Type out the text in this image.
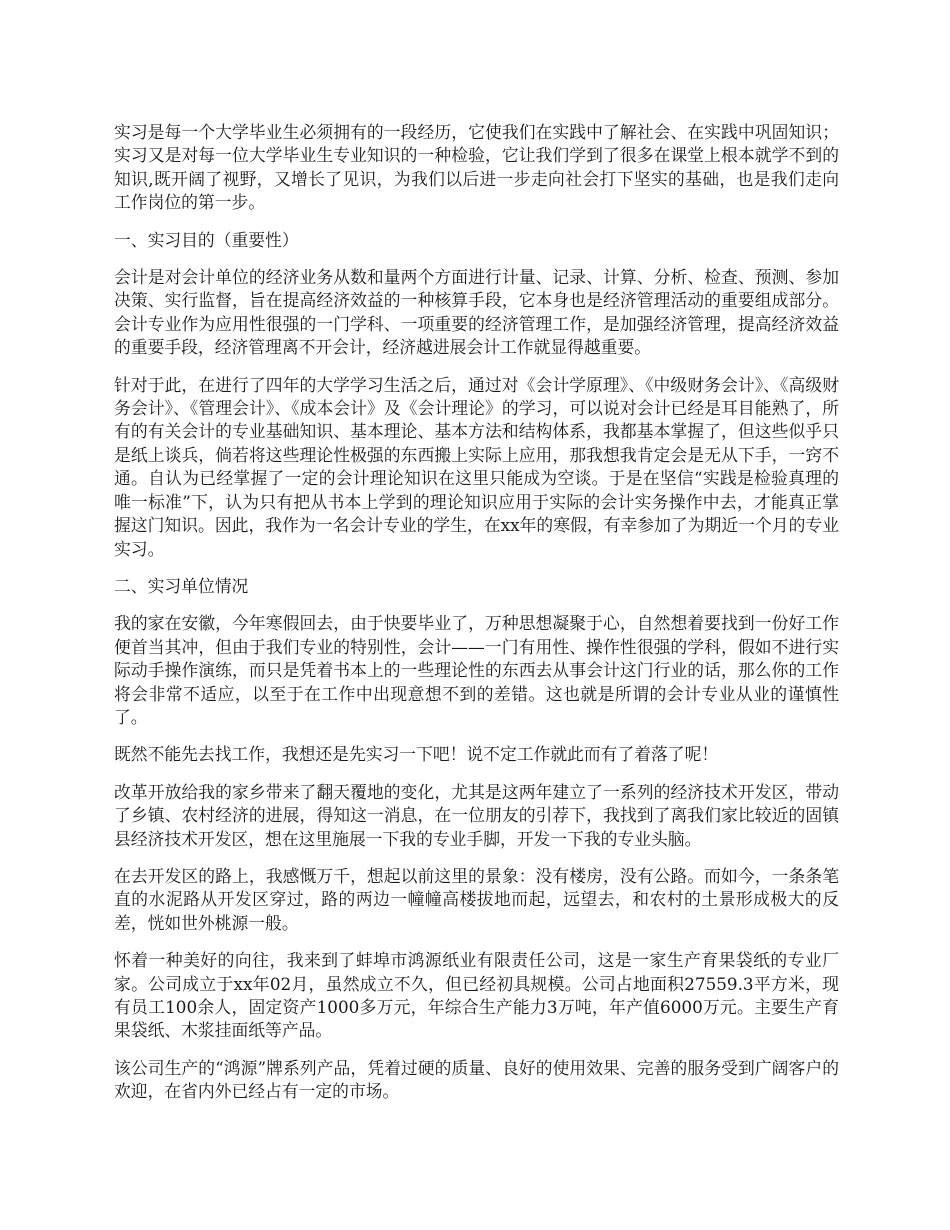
实习是每一个大学毕业生必须拥有的一段经历，它使我们在实践中了解社会、在实践中巩固知识；实习又是对每一位大学毕业生专业知识的一种检验，它让我们学到了很多在课堂上根本就学不到的知识,既开阔了视野，又增长了见识，为我们以后进一步走向社会打下坚实的基础，也是我们走向工作岗位的第一步。

一、实习目的（重要性）

会计是对会计单位的经济业务从数和量两个方面进行计量、记录、计算、分析、检查、预测、参加决策、实行监督，旨在提高经济效益的一种核算手段，它本身也是经济管理活动的重要组成部分。会计专业作为应用性很强的一门学科、一项重要的经济管理工作，是加强经济管理，提高经济效益的重要手段，经济管理离不开会计，经济越进展会计工作就显得越重要。

针对于此，在进行了四年的大学学习生活之后，通过对《会计学原理》、《中级财务会计》、《高级财务会计》、《管理会计》、《成本会计》及《会计理论》的学习，可以说对会计已经是耳目能熟了，所有的有关会计的专业基础知识、基本理论、基本方法和结构体系，我都基本掌握了，但这些似乎只是纸上谈兵，倘若将这些理论性极强的东西搬上实际上应用，那我想我肯定会是无从下手，一窍不通。自认为已经掌握了一定的会计理论知识在这里只能成为空谈。于是在坚信“实践是检验真理的唯一标准”下，认为只有把从书本上学到的理论知识应用于实际的会计实务操作中去，才能真正掌握这门知识。因此，我作为一名会计专业的学生，在xx年的寒假，有幸参加了为期近一个月的专业实习。

二、实习单位情况

我的家在安徽，今年寒假回去，由于快要毕业了，万种思想凝聚于心，自然想着要找到一份好工作便首当其冲，但由于我们专业的特别性，会计——一门有用性、操作性很强的学科，假如不进行实际动手操作演练，而只是凭着书本上的一些理论性的东西去从事会计这门行业的话，那么你的工作将会非常不适应，以至于在工作中出现意想不到的差错。这也就是所谓的会计专业从业的谨慎性了。

既然不能先去找工作，我想还是先实习一下吧！说不定工作就此而有了着落了呢！

改革开放给我的家乡带来了翻天覆地的变化，尤其是这两年建立了一系列的经济技术开发区，带动了乡镇、农村经济的进展，得知这一消息，在一位朋友的引荐下，我找到了离我们家比较近的固镇县经济技术开发区，想在这里施展一下我的专业手脚，开发一下我的专业头脑。

在去开发区的路上，我感慨万千，想起以前这里的景象：没有楼房，没有公路。而如今，一条条笔直的水泥路从开发区穿过，路的两边一幢幢高楼拔地而起，远望去，和农村的土景形成极大的反差，恍如世外桃源一般。

怀着一种美好的向往，我来到了蚌埠市鸿源纸业有限责任公司，这是一家生产育果袋纸的专业厂家。公司成立于xx年02月，虽然成立不久，但已经初具规模。公司占地面积27559.3平方米，现有员工100余人，固定资产1000多万元，年综合生产能力3万吨，年产值6000万元。主要生产育果袋纸、木浆挂面纸等产品。

该公司生产的“鸿源”牌系列产品，凭着过硬的质量、良好的使用效果、完善的服务受到广阔客户的欢迎，在省内外已经占有一定的市场。
